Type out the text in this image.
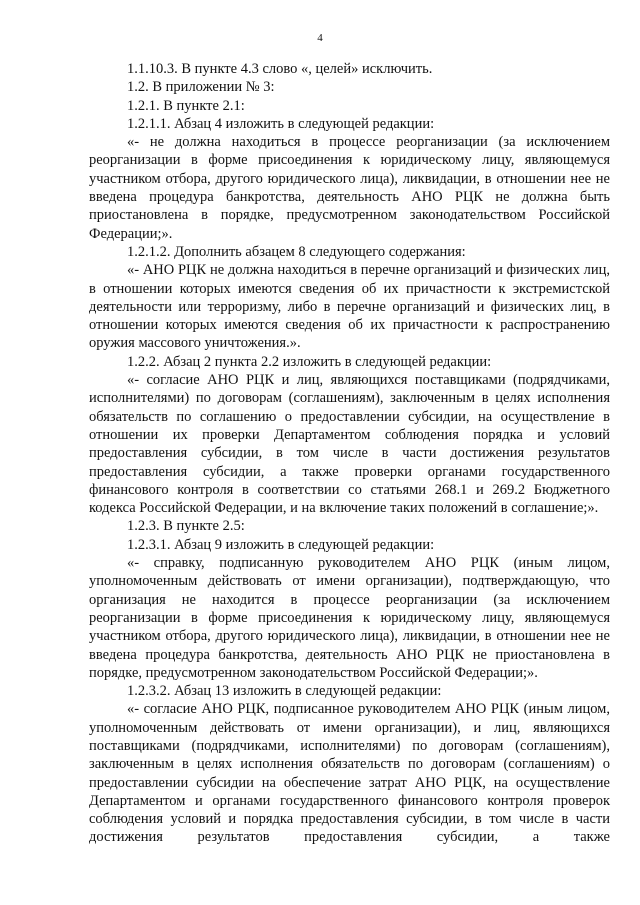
4

1.1.10.3. В пункте 4.3 слово «, целей» исключить.

1.2. В приложении № 3:

1.2.1. В пункте 2.1:

1.2.1.1. Абзац 4 изложить в следующей редакции:

«- не должна находиться в процессе реорганизации (за исключением реорганизации в форме присоединения к юридическому лицу, являющемуся участником отбора, другого юридического лица), ликвидации, в отношении нее не введена процедура банкротства, деятельность АНО РЦК не должна быть приостановлена в порядке, предусмотренном законодательством Российской Федерации;».

1.2.1.2. Дополнить абзацем 8 следующего содержания:

«- АНО РЦК не должна находиться в перечне организаций и физических лиц, в отношении которых имеются сведения об их причастности к экстремистской деятельности или терроризму, либо в перечне организаций и физических лиц, в отношении которых имеются сведения об их причастности к распространению оружия массового уничтожения.».

1.2.2. Абзац 2 пункта 2.2 изложить в следующей редакции:

«- согласие АНО РЦК и лиц, являющихся поставщиками (подрядчиками, исполнителями) по договорам (соглашениям), заключенным в целях исполнения обязательств по соглашению о предоставлении субсидии, на осуществление в отношении их проверки Департаментом соблюдения порядка и условий предоставления субсидии, в том числе в части достижения результатов предоставления субсидии, а также проверки органами государственного финансового контроля в соответствии со статьями 268.1 и 269.2 Бюджетного кодекса Российской Федерации, и на включение таких положений в соглашение;».

1.2.3. В пункте 2.5:

1.2.3.1. Абзац 9 изложить в следующей редакции:

«- справку, подписанную руководителем АНО РЦК (иным лицом, уполномоченным действовать от имени организации), подтверждающую, что организация не находится в процессе реорганизации (за исключением реорганизации в форме присоединения к юридическому лицу, являющемуся участником отбора, другого юридического лица), ликвидации, в отношении нее не введена процедура банкротства, деятельность АНО РЦК не приостановлена в порядке, предусмотренном законодательством Российской Федерации;».

1.2.3.2. Абзац 13 изложить в следующей редакции:

«- согласие АНО РЦК, подписанное руководителем АНО РЦК (иным лицом, уполномоченным действовать от имени организации), и лиц, являющихся поставщиками (подрядчиками, исполнителями) по договорам (соглашениям), заключенным в целях исполнения обязательств по договорам (соглашениям) о предоставлении субсидии на обеспечение затрат АНО РЦК, на осуществление Департаментом и органами государственного финансового контроля проверок соблюдения условий и порядка предоставления субсидии, в том числе в части достижения результатов предоставления субсидии, а также
